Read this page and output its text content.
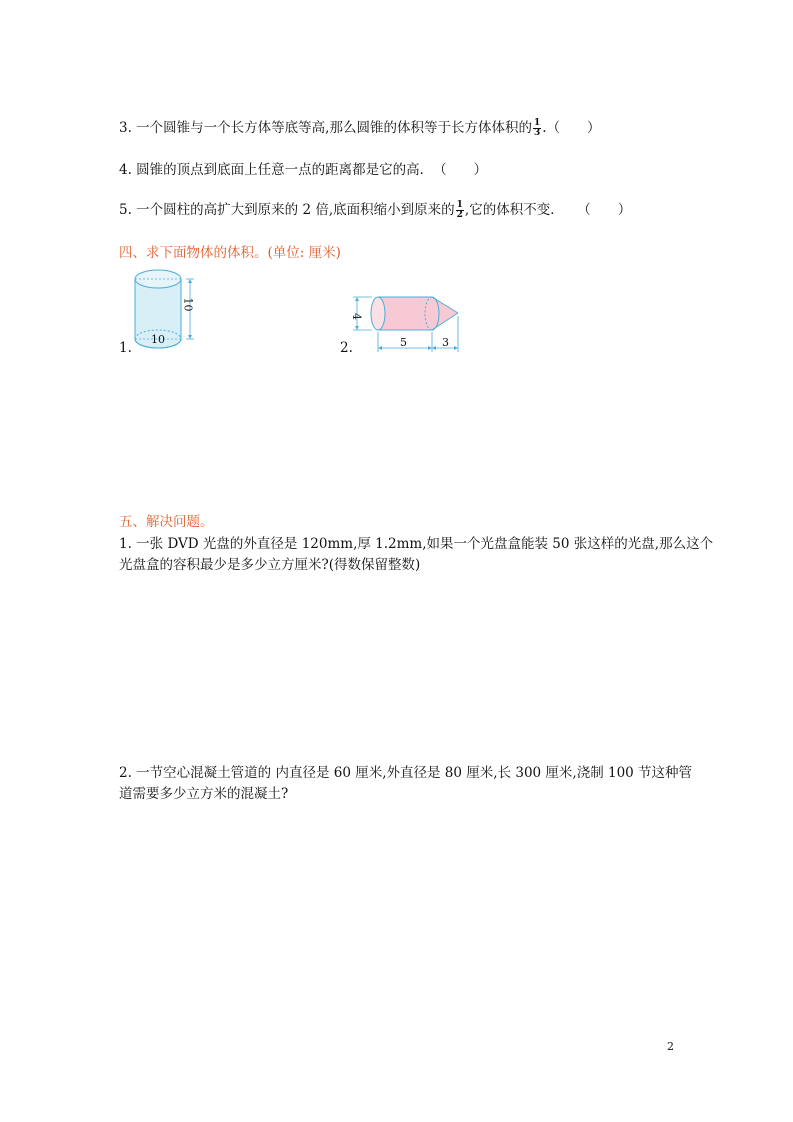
3. 一个圆锥与一个长方体等底等高,那么圆锥的体积等于长方体体积的 $\frac{1}{3}$ .（　　）
4. 圆锥的顶点到底面上任意一点的距离都是它的高．　（　　）
5. 一个圆柱的高扩大到原来的 2 倍,底面积缩小到原来的 $\frac{1}{2}$ ,它的体积不变．　　（　　）
四、求下面物体的体积。(单位: 厘米)
10
10
1.
4
5	3
2.
五、解决问题。
1. 一张 DVD 光盘的外直径是 120mm,厚 1.2mm,如果一个光盘盒能装 50 张这样的光盘,那么这个
光盘盒的容积最少是多少立方厘米?(得数保留整数)
2. 一节空心混凝土管道的 内直径是 60 厘米,外直径是 80 厘米,长 300 厘米,浇制 100 节这种管
道需要多少立方米的混凝土?
2
